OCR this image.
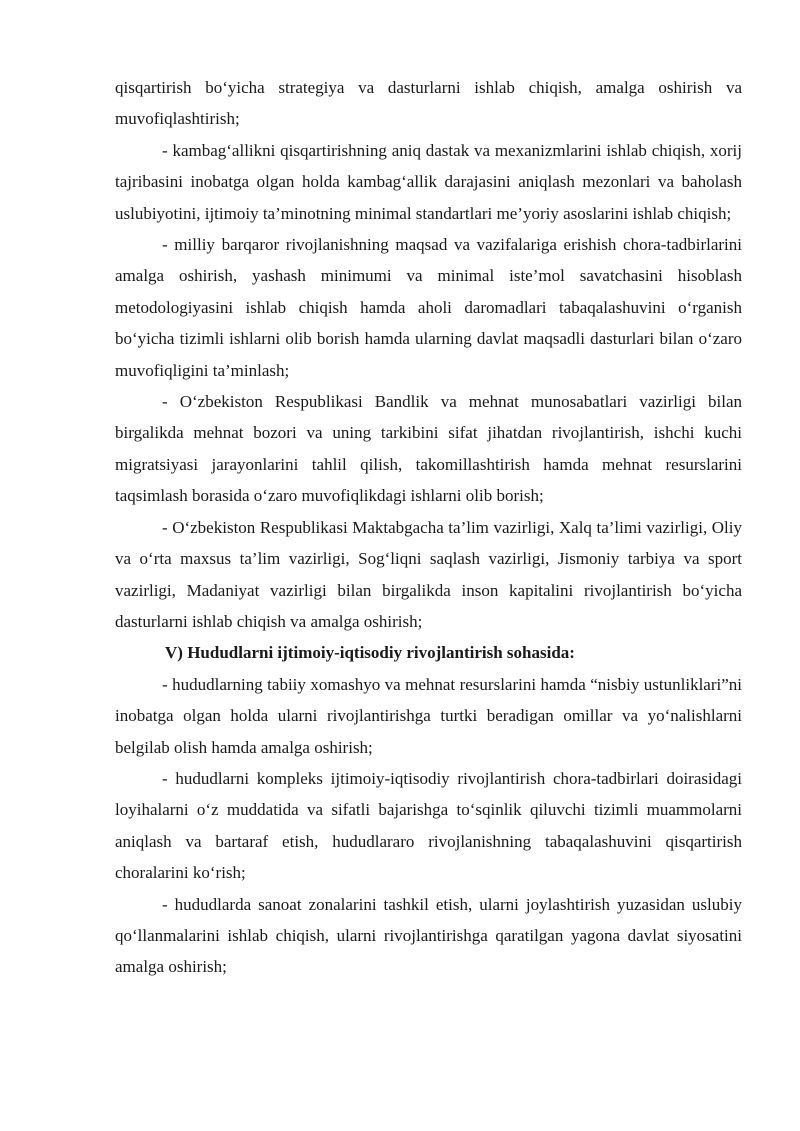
qisqartirish bo‘yicha strategiya va dasturlarni ishlab chiqish, amalga oshirish va muvofiqlashtirish;

- kambag‘allikni qisqartirishning aniq dastak va mexanizmlarini ishlab chiqish, xorij tajribasini inobatga olgan holda kambag‘allik darajasini aniqlash mezonlari va baholash uslubiyotini, ijtimoiy ta’minotning minimal standartlari me’yoriy asoslarini ishlab chiqish;

- milliy barqaror rivojlanishning maqsad va vazifalariga erishish chora-tadbirlarini amalga oshirish, yashash minimumi va minimal iste’mol savatchasini hisoblash metodologiyasini ishlab chiqish hamda aholi daromadlari tabaqalashuvini o‘rganish bo‘yicha tizimli ishlarni olib borish hamda ularning davlat maqsadli dasturlari bilan o‘zaro muvofiqligini ta’minlash;

- O‘zbekiston Respublikasi Bandlik va mehnat munosabatlari vazirligi bilan birgalikda mehnat bozori va uning tarkibini sifat jihatdan rivojlantirish, ishchi kuchi migratsiyasi jarayonlarini tahlil qilish, takomillashtirish hamda mehnat resurslarini taqsimlash borasida o‘zaro muvofiqlikdagi ishlarni olib borish;

- O‘zbekiston Respublikasi Maktabgacha ta’lim vazirligi, Xalq ta’limi vazirligi, Oliy va o‘rta maxsus ta’lim vazirligi, Sog‘liqni saqlash vazirligi, Jismoniy tarbiya va sport vazirligi, Madaniyat vazirligi bilan birgalikda inson kapitalini rivojlantirish bo‘yicha dasturlarni ishlab chiqish va amalga oshirish;

V) Hududlarni ijtimoiy-iqtisodiy rivojlantirish sohasida:

- hududlarning tabiiy xomashyo va mehnat resurslarini hamda “nisbiy ustunliklari”ni inobatga olgan holda ularni rivojlantirishga turtki beradigan omillar va yo‘nalishlarni belgilab olish hamda amalga oshirish;

- hududlarni kompleks ijtimoiy-iqtisodiy rivojlantirish chora-tadbirlari doirasidagi loyihalarni o‘z muddatida va sifatli bajarishga to‘sqinlik qiluvchi tizimli muammolarni aniqlash va bartaraf etish, hududlararo rivojlanishning tabaqalashuvini qisqartirish choralarini ko‘rish;

- hududlarda sanoat zonalarini tashkil etish, ularni joylashtirish yuzasidan uslubiy qo‘llanmalarini ishlab chiqish, ularni rivojlantirishga qaratilgan yagona davlat siyosatini amalga oshirish;
